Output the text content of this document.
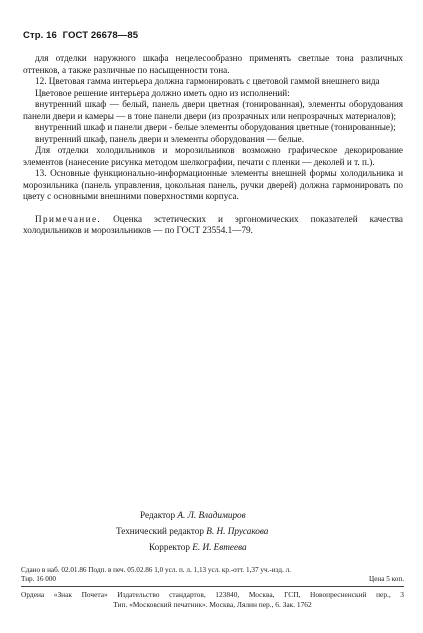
Стр. 16 ГОСТ 26678—85

для отделки наружного шкафа нецелесообразно применять светлые тона различных оттенков, а также различные по насыщенности тона.

12. Цветовая гамма интерьера должна гармонировать с цветовой гаммой внешнего вида

Цветовое решение интерьера должно иметь одно из исполнений:

внутренний шкаф — белый, панель двери цветная (тонированная), элементы оборудования панели двери и камеры — в тоне панели двери (из прозрачных или непрозрачных материалов);

внутренний шкаф и панели двери - белые элементы оборудования цветные (тонированные);

внутренний шкаф, панель двери и элементы оборудования — белые.

Для отделки холодильников и морозильников возможно графическое декорирование элементов (нанесение рисунка методом шелкографии, печати с пленки — деколей и т. п.).

13. Основные функционально-информационные элементы внешней формы холодильника и морозильника (панель управления, цокольная панель, ручки дверей) должна гармонировать по цвету с основными внешними поверхностями корпуса.

Примечание. Оценка эстетических и эргономических показателей качества холодильников и морозильников — по ГОСТ 23554.1—79.

Редактор А. Л. Владимиров
Технический редактор В. Н. Прусакова
Корректор Е. И. Евтеева
Сдано в наб. 02.01.86 Подп. в печ. 05.02.86 1,0 усл. п. л. 1,13 усл. кр.-отт. 1,37 уч.-изд. л.
Тир. 16 000	Цена 5 коп.
Ордена «Знак Почета» Издательство стандартов, 123840, Москва, ГСП, Новопресненский пер., 3
Тип. «Московский печатник». Москва, Лялин пер., 6. Зак. 1762
